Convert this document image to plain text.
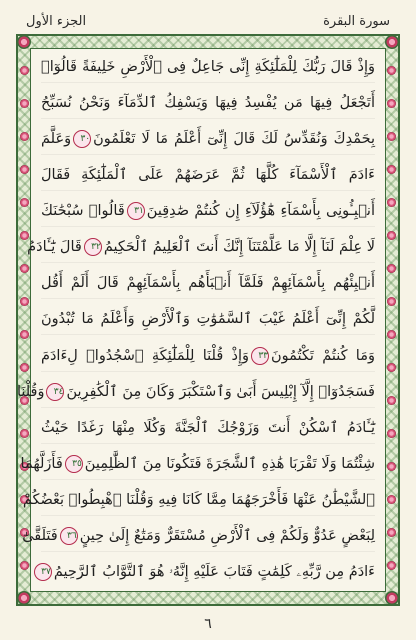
سورة البقرة
الجزء الأول
وَإِذْ قَالَ رَبُّكَ لِلْمَلَٰٓئِكَةِ إِنِّى جَاعِلٌ فِى ٱلْأَرْضِ خَلِيفَةً قَالُوٓا۟
أَتَجْعَلُ فِيهَا مَن يُفْسِدُ فِيهَا وَيَسْفِكُ ٱلدِّمَآءَ وَنَحْنُ نُسَبِّحُ
بِحَمْدِكَ وَنُقَدِّسُ لَكَ قَالَ إِنِّىٓ أَعْلَمُ مَا لَا تَعْلَمُونَ٣٠وَعَلَّمَ
ءَادَمَ ٱلْأَسْمَآءَ كُلَّهَا ثُمَّ عَرَضَهُمْ عَلَى ٱلْمَلَٰٓئِكَةِ فَقَالَ
أَنۢبِـُٔونِى بِأَسْمَآءِ هَٰٓؤُلَآءِ إِن كُنتُمْ صَٰدِقِينَ٣١قَالُوا۟ سُبْحَٰنَكَ
لَا عِلْمَ لَنَآ إِلَّا مَا عَلَّمْتَنَآ إِنَّكَ أَنتَ ٱلْعَلِيمُ ٱلْحَكِيمُ٣٢قَالَ يَٰٓـَٔادَمُ
أَنۢبِئْهُم بِأَسْمَآئِهِمْ فَلَمَّآ أَنۢبَأَهُم بِأَسْمَآئِهِمْ قَالَ أَلَمْ أَقُل
لَّكُمْ إِنِّىٓ أَعْلَمُ غَيْبَ ٱلسَّمَٰوَٰتِ وَٱلْأَرْضِ وَأَعْلَمُ مَا تُبْدُونَ
وَمَا كُنتُمْ تَكْتُمُونَ٣٣وَإِذْ قُلْنَا لِلْمَلَٰٓئِكَةِ ٱسْجُدُوا۟ لِءَادَمَ
فَسَجَدُوٓا۟ إِلَّآ إِبْلِيسَ أَبَىٰ وَٱسْتَكْبَرَ وَكَانَ مِنَ ٱلْكَٰفِرِينَ٣٤وَقُلْنَا
يَٰٓـَٔادَمُ ٱسْكُنْ أَنتَ وَزَوْجُكَ ٱلْجَنَّةَ وَكُلَا مِنْهَا رَغَدًا حَيْثُ
شِئْتُمَا وَلَا تَقْرَبَا هَٰذِهِ ٱلشَّجَرَةَ فَتَكُونَا مِنَ ٱلظَّٰلِمِينَ٣٥فَأَزَلَّهُمَا
ٱلشَّيْطَٰنُ عَنْهَا فَأَخْرَجَهُمَا مِمَّا كَانَا فِيهِ وَقُلْنَا ٱهْبِطُوا۟ بَعْضُكُمْ
لِبَعْضٍ عَدُوٌّ وَلَكُمْ فِى ٱلْأَرْضِ مُسْتَقَرٌّ وَمَتَٰعٌ إِلَىٰ حِينٍ٣٦فَتَلَقَّىٰٓ
ءَادَمُ مِن رَّبِّهِۦ كَلِمَٰتٍ فَتَابَ عَلَيْهِ إِنَّهُۥ هُوَ ٱلتَّوَّابُ ٱلرَّحِيمُ٣٧
٦
